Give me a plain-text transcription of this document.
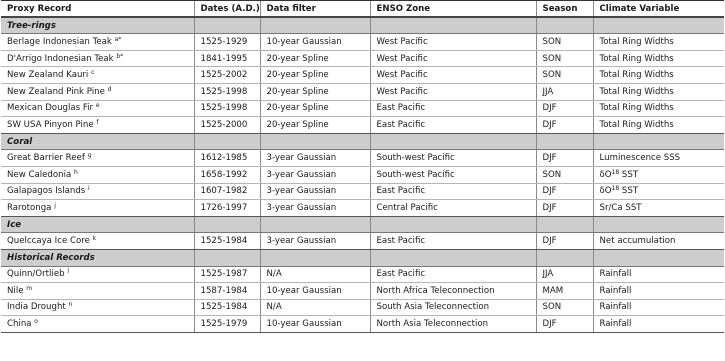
Proxy Record	Dates (A.D.)	Data filter	ENSO Zone	Season	Climate Variable
Tree-rings					
Berlage Indonesian Teak $^{a*}$	1525-1929	10-year Gaussian	West Pacific	SON	Total Ring Widths
D'Arrigo Indonesian Teak $^{b*}$	1841-1995	20-year Spline	West Pacific	SON	Total Ring Widths
New Zealand Kauri $^c$	1525-2002	20-year Spline	West Pacific	SON	Total Ring Widths
New Zealand Pink Pine $^d$	1525-1998	20-year Spline	West Pacific	JJA	Total Ring Widths
Mexican Douglas Fir $^e$	1525-1998	20-year Spline	East Pacific	DJF	Total Ring Widths
SW USA Pinyon Pine $^f$	1525-2000	20-year Spline	East Pacific	DJF	Total Ring Widths
Coral					
Great Barrier Reef $^g$	1612-1985	3-year Gaussian	South-west Pacific	DJF	Luminescence SSS
New Caledonia $^h$	1658-1992	3-year Gaussian	South-west Pacific	SON	$\delta O^{18}$ SST
Galapagos Islands $^i$	1607-1982	3-year Gaussian	East Pacific	DJF	$\delta O^{18}$ SST
Rarotonga $^j$	1726-1997	3-year Gaussian	Central Pacific	DJF	Sr/Ca SST
Ice					
Quelccaya Ice Core $^k$	1525-1984	3-year Gaussian	East Pacific	DJF	Net accumulation
Historical Records					
Quinn/Ortlieb $^l$	1525-1987	N/A	East Pacific	JJA	Rainfall
Nile $^m$	1587-1984	10-year Gaussian	North Africa Teleconnection	MAM	Rainfall
India Drought $^n$	1525-1984	N/A	South Asia Teleconnection	SON	Rainfall
China $^o$	1525-1979	10-year Gaussian	North Asia Teleconnection	DJF	Rainfall
